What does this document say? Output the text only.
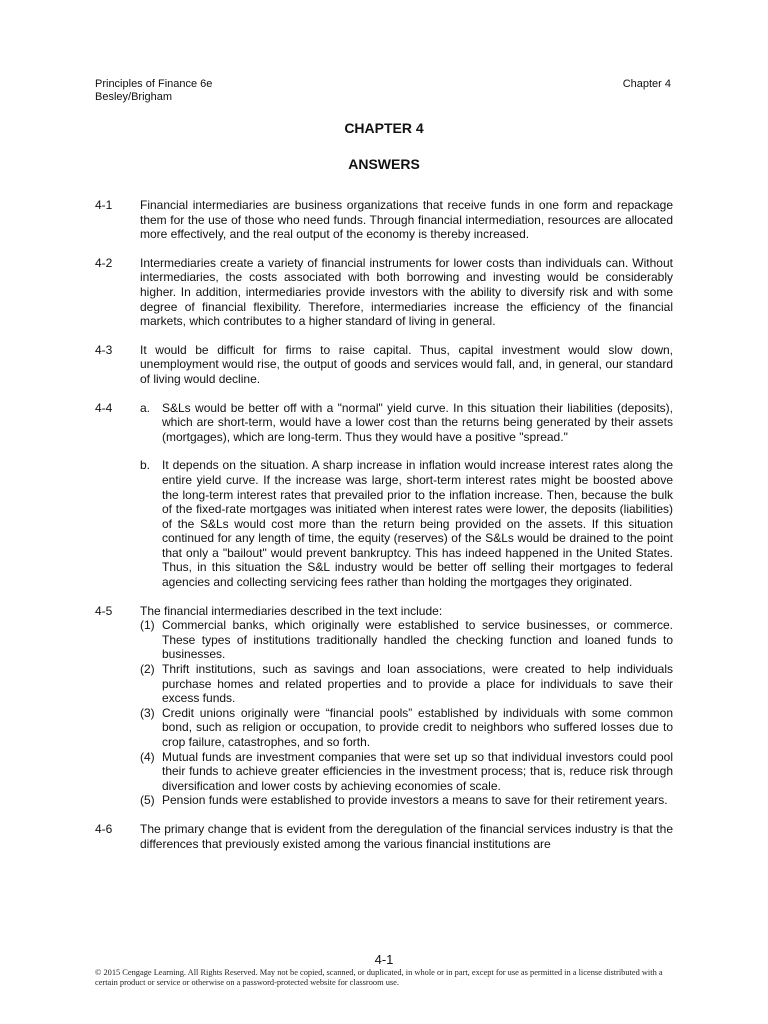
Principles of Finance 6e
Besley/Brigham
Chapter 4
CHAPTER 4
ANSWERS
4-1 Financial intermediaries are business organizations that receive funds in one form and repackage them for the use of those who need funds. Through financial intermediation, resources are allocated more effectively, and the real output of the economy is thereby increased.

4-2 Intermediaries create a variety of financial instruments for lower costs than individuals can. Without intermediaries, the costs associated with both borrowing and investing would be considerably higher. In addition, intermediaries provide investors with the ability to diversify risk and with some degree of financial flexibility. Therefore, intermediaries increase the efficiency of the financial markets, which contributes to a higher standard of living in general.

4-3 It would be difficult for firms to raise capital. Thus, capital investment would slow down, unemployment would rise, the output of goods and services would fall, and, in general, our standard of living would decline.

4-4 a. S&Ls would be better off with a "normal" yield curve. In this situation their liabilities (deposits), which are short-term, would have a lower cost than the returns being generated by their assets (mortgages), which are long-term. Thus they would have a positive "spread."
b. It depends on the situation. A sharp increase in inflation would increase interest rates along the entire yield curve. If the increase was large, short-term interest rates might be boosted above the long-term interest rates that prevailed prior to the inflation increase. Then, because the bulk of the fixed-rate mortgages was initiated when interest rates were lower, the deposits (liabilities) of the S&Ls would cost more than the return being provided on the assets. If this situation continued for any length of time, the equity (reserves) of the S&Ls would be drained to the point that only a "bailout" would prevent bankruptcy. This has indeed happened in the United States. Thus, in this situation the S&L industry would be better off selling their mortgages to federal agencies and collecting servicing fees rather than holding the mortgages they originated.
4-5 The financial intermediaries described in the text include:

(1) Commercial banks, which originally were established to service businesses, or commerce. These types of institutions traditionally handled the checking function and loaned funds to businesses.
(2) Thrift institutions, such as savings and loan associations, were created to help individuals purchase homes and related properties and to provide a place for individuals to save their excess funds.
(3) Credit unions originally were “financial pools” established by individuals with some common bond, such as religion or occupation, to provide credit to neighbors who suffered losses due to crop failure, catastrophes, and so forth.
(4) Mutual funds are investment companies that were set up so that individual investors could pool their funds to achieve greater efficiencies in the investment process; that is, reduce risk through diversification and lower costs by achieving economies of scale.
(5) Pension funds were established to provide investors a means to save for their retirement years.
4-6 The primary change that is evident from the deregulation of the financial services industry is that the differences that previously existed among the various financial institutions are

4-1
© 2015 Cengage Learning. All Rights Reserved. May not be copied, scanned, or duplicated, in whole or in part, except for use as permitted in a license distributed with a certain product or service or otherwise on a password-protected website for classroom use.
